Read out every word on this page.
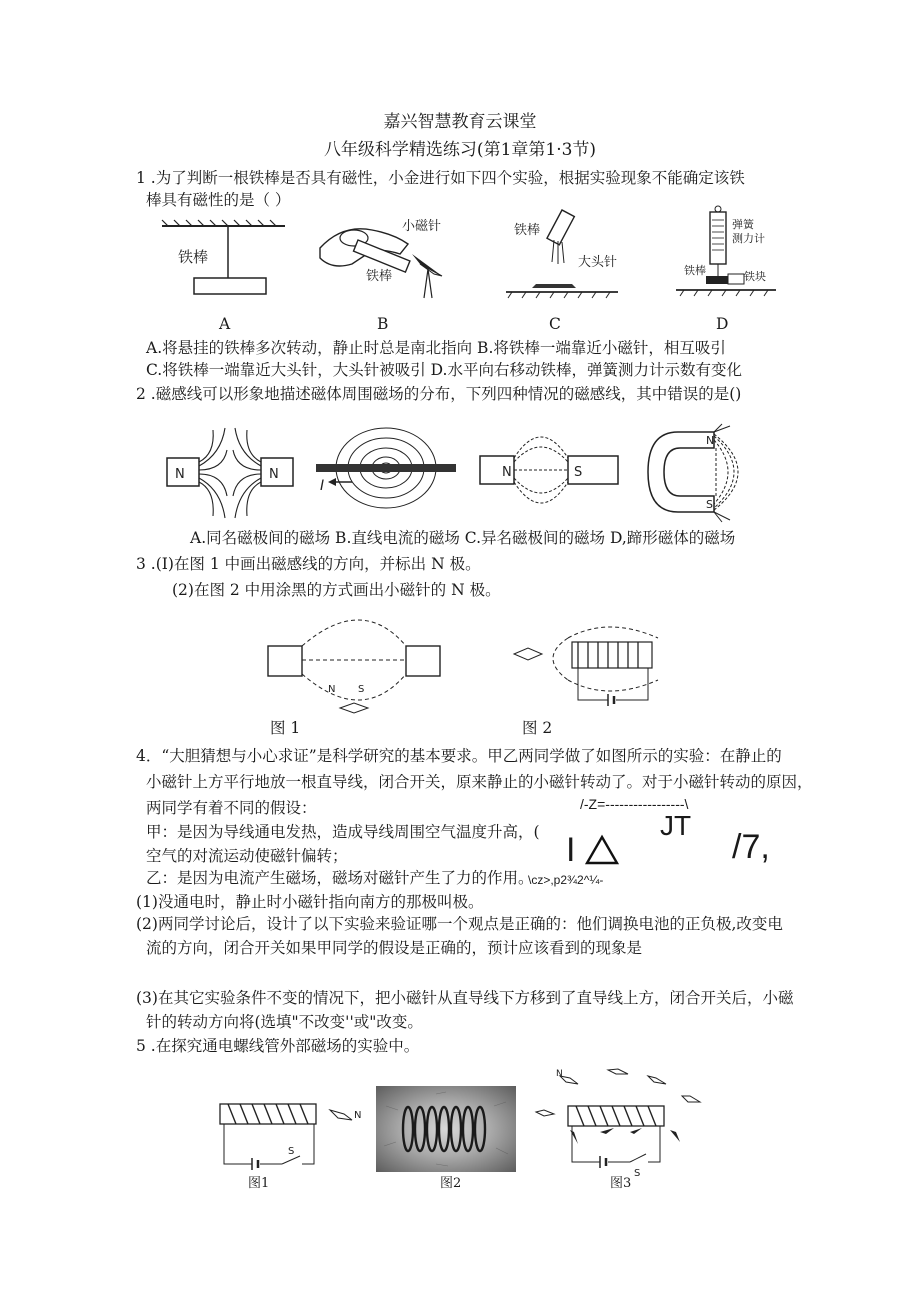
嘉兴智慧教育云课堂
八年级科学精选练习(第1章第1·3节)
1 .为了判断一根铁棒是否具有磁性，小金进行如下四个实验，根据实验现象不能确定该铁
棒具有磁性的是（ ）
铁棒
A
小磁针
铁棒
B
铁棒
大头针
C
弹簧
测力计
铁棒	铁块
D
A.将悬挂的铁棒多次转动，静止时总是南北指向 B.将铁棒一端靠近小磁针，相互吸引
C.将铁棒一端靠近大头针，大头针被吸引 D.水平向右移动铁棒，弹簧测力计示数有变化
2 .磁感线可以形象地描述磁体周围磁场的分布，下列四种情况的磁感线，其中错误的是()
N	N
I
N	S
N
S
A.同名磁极间的磁场 B.直线电流的磁场 C.异名磁极间的磁场 D,蹄形磁体的磁场
3 .(I)在图 1 中画出磁感线的方向，并标出 N 极。
(2)在图 2 中用涂黑的方式画出小磁针的 N 极。
N S
图 1	图 2
4．“大胆猜想与小心求证”是科学研究的基本要求。甲乙两同学做了如图所示的实验：在静止的
小磁针上方平行地放一根直导线，闭合开关，原来静止的小磁针转动了。对于小磁针转动的原因，
两同学有着不同的假设：	/-Z=-----------------\
甲：是因为导线通电发热，造成导线周围空气温度升高，( I
JT
/7,
空气的对流运动使磁针偏转；
乙：是因为电流产生磁场，磁场对磁针产生了力的作用。
\cz>,p2¾2^¼-
(1)没通电时，静止时小磁针指向南方的那极叫极。
(2)两同学讨论后，设计了以下实验来验证哪一个观点是正确的：他们调换电池的正负极,改变电
流的方向，闭合开关如果甲同学的假设是正确的，预计应该看到的现象是
(3)在其它实验条件不变的情况下，把小磁针从直导线下方移到了直导线上方，闭合开关后，小磁
针的转动方向将(选填"不改变''或"改变。
5 .在探究通电螺线管外部磁场的实验中。
S
N
图1	图2
S
N
图3
